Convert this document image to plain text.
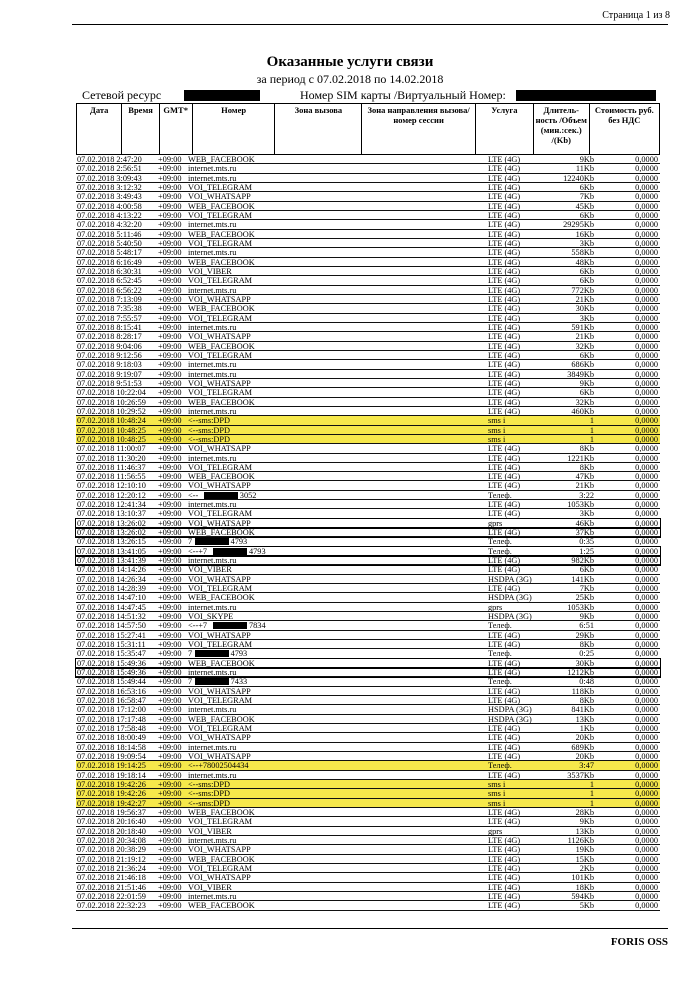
Страница 1 из 8
Оказанные услуги связи
за период с 07.02.2018 по 14.02.2018
Сетевой ресурс	Номер SIM карты /Виртуальный Номер:
Дата	Время	GMT*	Номер	Зона вызова	Зона направления вызова/номер сессии	Услуга	Длитель-ность /Объем (мин.:сек.) /(Kb)	Стоимость руб. без НДС
07.02.2018 2:47:20 +09:00 WEB_FACEBOOK	LTE (4G)	9Kb	0,0000
07.02.2018 2:56:51 +09:00 internet.mts.ru	LTE (4G)	11Kb	0,0000
07.02.2018 3:09:43 +09:00 internet.mts.ru	LTE (4G)	12240Kb	0,0000
07.02.2018 3:12:32 +09:00 VOI_TELEGRAM	LTE (4G)	6Kb	0,0000
07.02.2018 3:49:43 +09:00 VOI_WHATSAPP	LTE (4G)	7Kb	0,0000
07.02.2018 4:00:58 +09:00 WEB_FACEBOOK	LTE (4G)	45Kb	0,0000
07.02.2018 4:13:22 +09:00 VOI_TELEGRAM	LTE (4G)	6Kb	0,0000
07.02.2018 4:32:20 +09:00 internet.mts.ru	LTE (4G)	29295Kb	0,0000
07.02.2018 5:11:46 +09:00 WEB_FACEBOOK	LTE (4G)	16Kb	0,0000
07.02.2018 5:40:50 +09:00 VOI_TELEGRAM	LTE (4G)	3Kb	0,0000
07.02.2018 5:48:17 +09:00 internet.mts.ru	LTE (4G)	558Kb	0,0000
07.02.2018 6:16:49 +09:00 WEB_FACEBOOK	LTE (4G)	48Kb	0,0000
07.02.2018 6:30:31 +09:00 VOI_VIBER	LTE (4G)	6Kb	0,0000
07.02.2018 6:52:45 +09:00 VOI_TELEGRAM	LTE (4G)	6Kb	0,0000
07.02.2018 6:56:22 +09:00 internet.mts.ru	LTE (4G)	772Kb	0,0000
07.02.2018 7:13:09 +09:00 VOI_WHATSAPP	LTE (4G)	21Kb	0,0000
07.02.2018 7:35:38 +09:00 WEB_FACEBOOK	LTE (4G)	30Kb	0,0000
07.02.2018 7:55:57 +09:00 VOI_TELEGRAM	LTE (4G)	3Kb	0,0000
07.02.2018 8:15:41 +09:00 internet.mts.ru	LTE (4G)	591Kb	0,0000
07.02.2018 8:28:17 +09:00 VOI_WHATSAPP	LTE (4G)	21Kb	0,0000
07.02.2018 9:04:06 +09:00 WEB_FACEBOOK	LTE (4G)	32Kb	0,0000
07.02.2018 9:12:56 +09:00 VOI_TELEGRAM	LTE (4G)	6Kb	0,0000
07.02.2018 9:18:03 +09:00 internet.mts.ru	LTE (4G)	686Kb	0,0000
07.02.2018 9:19:07 +09:00 internet.mts.ru	LTE (4G)	3849Kb	0,0000
07.02.2018 9:51:53 +09:00 VOI_WHATSAPP	LTE (4G)	9Kb	0,0000
07.02.2018 10:22:04 +09:00 VOI_TELEGRAM	LTE (4G)	6Kb	0,0000
07.02.2018 10:26:59 +09:00 WEB_FACEBOOK	LTE (4G)	32Kb	0,0000
07.02.2018 10:29:52 +09:00 internet.mts.ru	LTE (4G)	460Kb	0,0000
07.02.2018 10:48:24 +09:00 <--sms:DPD	sms i	1	0,0000
07.02.2018 10:48:25 +09:00 <--sms:DPD	sms i	1	0,0000
07.02.2018 10:48:25 +09:00 <--sms:DPD	sms i	1	0,0000
07.02.2018 11:00:07 +09:00 VOI_WHATSAPP	LTE (4G)	8Kb	0,0000
07.02.2018 11:30:20 +09:00 internet.mts.ru	LTE (4G)	1221Kb	0,0000
07.02.2018 11:46:37 +09:00 VOI_TELEGRAM	LTE (4G)	8Kb	0,0000
07.02.2018 11:56:55 +09:00 WEB_FACEBOOK	LTE (4G)	47Kb	0,0000
07.02.2018 12:10:10 +09:00 VOI_WHATSAPP	LTE (4G)	21Kb	0,0000
07.02.2018 12:20:12 +09:00 <--	3052	Телеф.	3:22	0,0000
07.02.2018 12:41:34 +09:00 internet.mts.ru	LTE (4G)	1053Kb	0,0000
07.02.2018 13:10:37 +09:00 VOI_TELEGRAM	LTE (4G)	3Kb	0,0000
07.02.2018 13:26:02 +09:00 VOI_WHATSAPP	gprs	46Kb	0,0000
07.02.2018 13:26:02 +09:00 WEB_FACEBOOK	LTE (4G)	37Kb	0,0000
07.02.2018 13:26:15 +09:00 7	4793	Телеф.	0:35	0,0000
07.02.2018 13:41:05 +09:00 <--+7	4793	Телеф.	1:25	0,0000
07.02.2018 13:41:39 +09:00 internet.mts.ru	LTE (4G)	982Kb	0,0000
07.02.2018 14:14:26 +09:00 VOI_VIBER	LTE (4G)	6Kb	0,0000
07.02.2018 14:26:34 +09:00 VOI_WHATSAPP	HSDPA (3G)	141Kb	0,0000
07.02.2018 14:28:39 +09:00 VOI_TELEGRAM	LTE (4G)	7Kb	0,0000
07.02.2018 14:47:10 +09:00 WEB_FACEBOOK	HSDPA (3G)	25Kb	0,0000
07.02.2018 14:47:45 +09:00 internet.mts.ru	gprs	1053Kb	0,0000
07.02.2018 14:51:32 +09:00 VOI_SKYPE	HSDPA (3G)	9Kb	0,0000
07.02.2018 14:57:50 +09:00 <--+7	7834	Телеф.	6:51	0,0000
07.02.2018 15:27:41 +09:00 VOI_WHATSAPP	LTE (4G)	29Kb	0,0000
07.02.2018 15:31:11 +09:00 VOI_TELEGRAM	LTE (4G)	8Kb	0,0000
07.02.2018 15:35:47 +09:00 7	4793	Телеф.	0:25	0,0000
07.02.2018 15:49:36 +09:00 WEB_FACEBOOK	LTE (4G)	30Kb	0,0000
07.02.2018 15:49:36 +09:00 internet.mts.ru	LTE (4G)	1212Kb	0,0000
07.02.2018 15:49:44 +09:00 7	7433	Телеф.	0:48	0,0000
07.02.2018 16:53:16 +09:00 VOI_WHATSAPP	LTE (4G)	118Kb	0,0000
07.02.2018 16:58:47 +09:00 VOI_TELEGRAM	LTE (4G)	8Kb	0,0000
07.02.2018 17:12:00 +09:00 internet.mts.ru	HSDPA (3G)	841Kb	0,0000
07.02.2018 17:17:48 +09:00 WEB_FACEBOOK	HSDPA (3G)	13Kb	0,0000
07.02.2018 17:58:48 +09:00 VOI_TELEGRAM	LTE (4G)	1Kb	0,0000
07.02.2018 18:00:49 +09:00 VOI_WHATSAPP	LTE (4G)	20Kb	0,0000
07.02.2018 18:14:58 +09:00 internet.mts.ru	LTE (4G)	689Kb	0,0000
07.02.2018 19:09:54 +09:00 VOI_WHATSAPP	LTE (4G)	20Kb	0,0000
07.02.2018 19:14:25 +09:00 <--+78002504434	Телеф.	3:47	0,0000
07.02.2018 19:18:14 +09:00 internet.mts.ru	LTE (4G)	3537Kb	0,0000
07.02.2018 19:42:26 +09:00 <--sms:DPD	sms i	1	0,0000
07.02.2018 19:42:26 +09:00 <--sms:DPD	sms i	1	0,0000
07.02.2018 19:42:27 +09:00 <--sms:DPD	sms i	1	0,0000
07.02.2018 19:56:37 +09:00 WEB_FACEBOOK	LTE (4G)	28Kb	0,0000
07.02.2018 20:16:40 +09:00 VOI_TELEGRAM	LTE (4G)	9Kb	0,0000
07.02.2018 20:18:40 +09:00 VOI_VIBER	gprs	13Kb	0,0000
07.02.2018 20:34:08 +09:00 internet.mts.ru	LTE (4G)	1126Kb	0,0000
07.02.2018 20:38:29 +09:00 VOI_WHATSAPP	LTE (4G)	19Kb	0,0000
07.02.2018 21:19:12 +09:00 WEB_FACEBOOK	LTE (4G)	15Kb	0,0000
07.02.2018 21:36:24 +09:00 VOI_TELEGRAM	LTE (4G)	2Kb	0,0000
07.02.2018 21:46:18 +09:00 VOI_WHATSAPP	LTE (4G)	101Kb	0,0000
07.02.2018 21:51:46 +09:00 VOI_VIBER	LTE (4G)	18Kb	0,0000
07.02.2018 22:01:59 +09:00 internet.mts.ru	LTE (4G)	594Kb	0,0000
07.02.2018 22:32:23 +09:00 WEB_FACEBOOK	LTE (4G)	5Kb	0,0000
FORIS OSS
